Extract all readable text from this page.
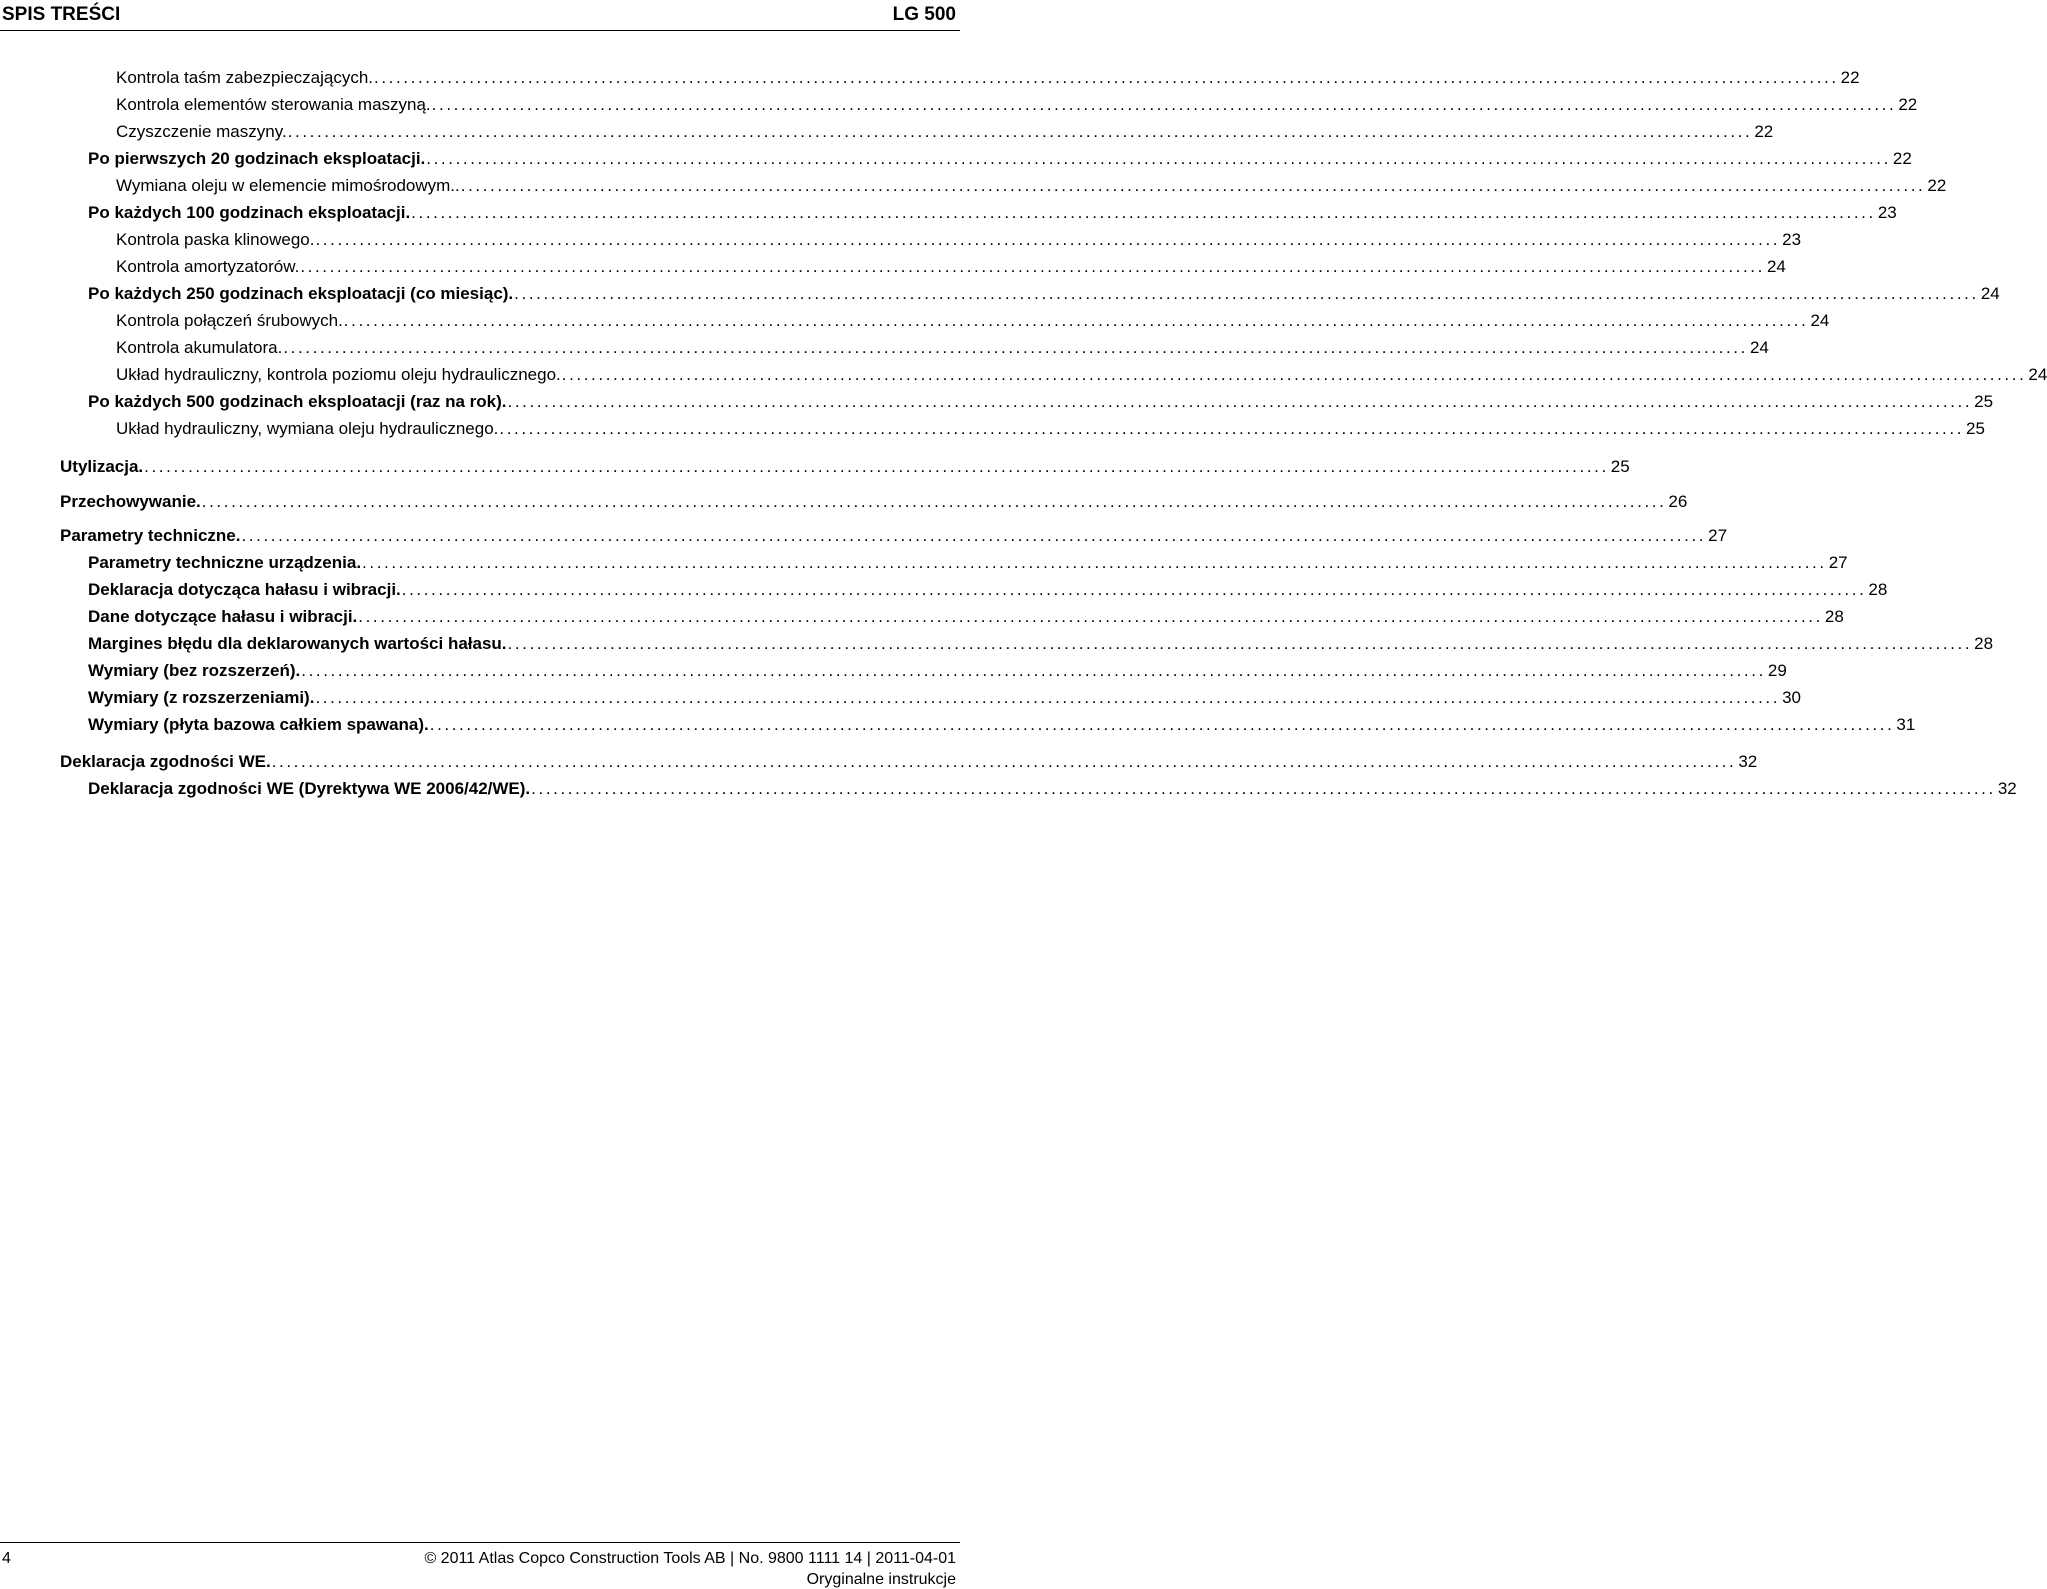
SPIS TREŚCI	LG 500
Kontrola taśm zabezpieczających. ........................................................................................................................................................................................................ 22
Kontrola elementów sterowania maszyną. ........................................................................................................................................................................................................ 22
Czyszczenie maszyny. ........................................................................................................................................................................................................ 22
Po pierwszych 20 godzinach eksploatacji. ........................................................................................................................................................................................................ 22
Wymiana oleju w elemencie mimośrodowym.. ........................................................................................................................................................................................................ 22
Po każdych 100 godzinach eksploatacji. ........................................................................................................................................................................................................ 23
Kontrola paska klinowego. ........................................................................................................................................................................................................ 23
Kontrola amortyzatorów. ........................................................................................................................................................................................................ 24
Po każdych 250 godzinach eksploatacji (co miesiąc). ........................................................................................................................................................................................................ 24
Kontrola połączeń śrubowych. ........................................................................................................................................................................................................ 24
Kontrola akumulatora. ........................................................................................................................................................................................................ 24
Układ hydrauliczny, kontrola poziomu oleju hydraulicznego. ........................................................................................................................................................................................................ 24
Po każdych 500 godzinach eksploatacji (raz na rok). ........................................................................................................................................................................................................ 25
Układ hydrauliczny, wymiana oleju hydraulicznego. ........................................................................................................................................................................................................ 25
Utylizacja. ........................................................................................................................................................................................................ 25
Przechowywanie. ........................................................................................................................................................................................................ 26
Parametry techniczne. ........................................................................................................................................................................................................ 27
Parametry techniczne urządzenia. ........................................................................................................................................................................................................ 27
Deklaracja dotycząca hałasu i wibracji. ........................................................................................................................................................................................................ 28
Dane dotyczące hałasu i wibracji. ........................................................................................................................................................................................................ 28
Margines błędu dla deklarowanych wartości hałasu. ........................................................................................................................................................................................................ 28
Wymiary (bez rozszerzeń). ........................................................................................................................................................................................................ 29
Wymiary (z rozszerzeniami). ........................................................................................................................................................................................................ 30
Wymiary (płyta bazowa całkiem spawana). ........................................................................................................................................................................................................ 31
Deklaracja zgodności WE. ........................................................................................................................................................................................................ 32
Deklaracja zgodności WE (Dyrektywa WE 2006/42/WE). ........................................................................................................................................................................................................ 32
4	© 2011 Atlas Copco Construction Tools AB | No. 9800 1111 14 | 2011-04-01
Oryginalne instrukcje
